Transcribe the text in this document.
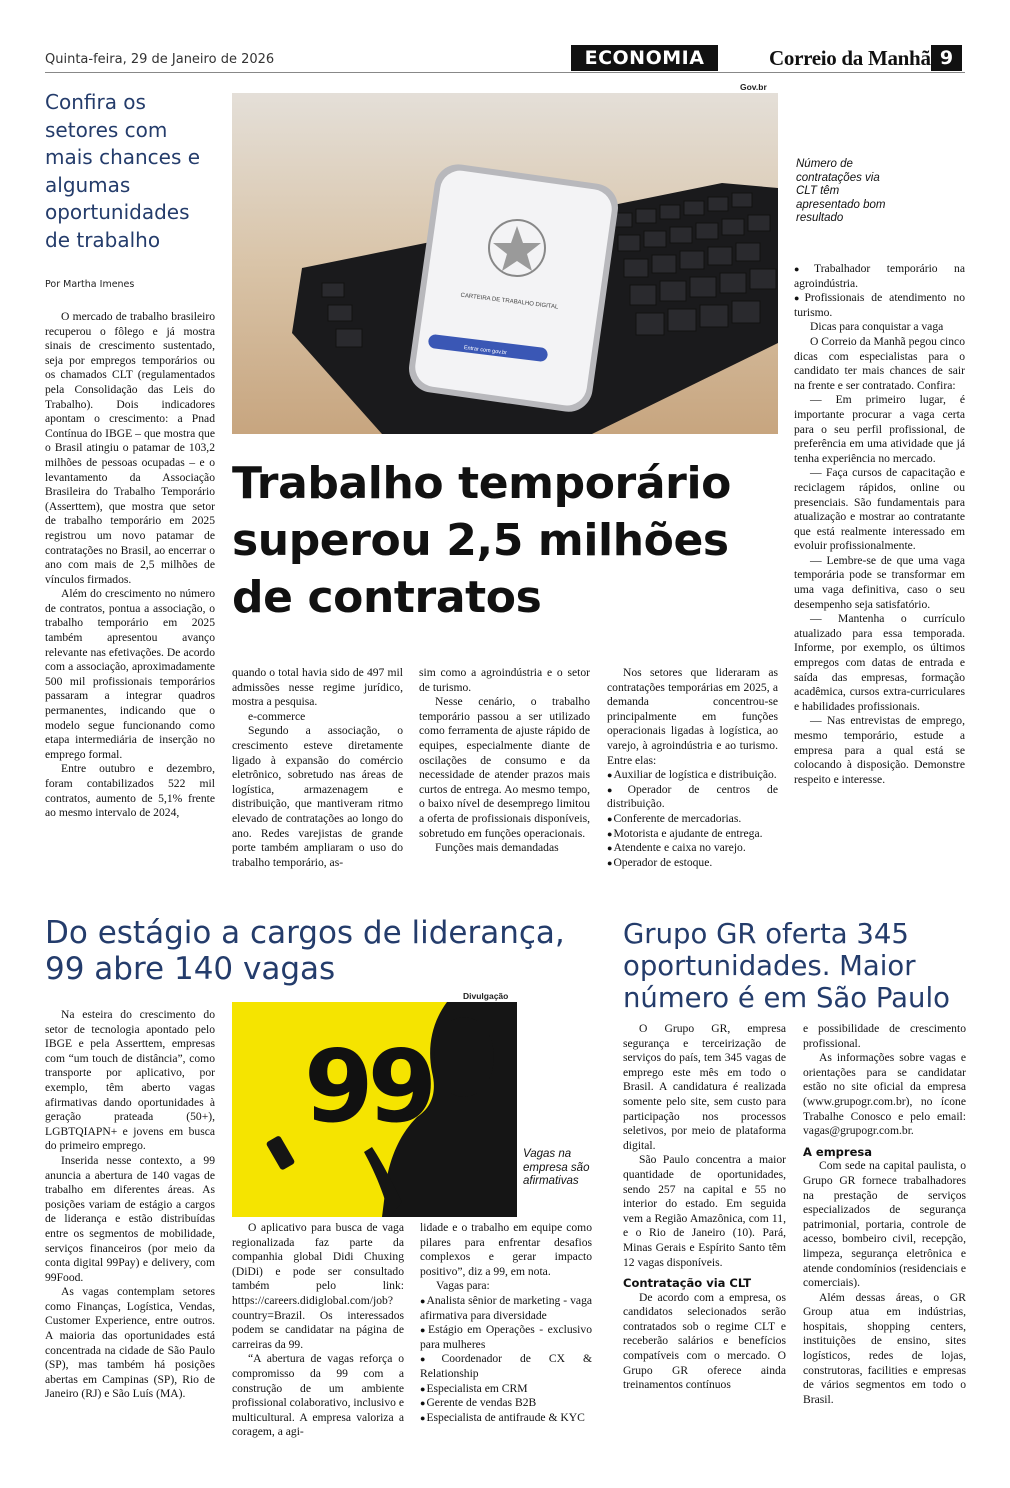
Quinta-feira, 29 de Janeiro de 2026	ECONOMIA	Correio da Manhã 9
Confira os setores com mais chances e algumas oportunidades de trabalho
Por Martha Imenes
Gov.br
CARTEIRA DE TRABALHO DIGITAL
Entrar com gov.br
Número de contratações via CLT têm apresentado bom resultado
Trabalho temporário superou 2,5 milhões de contratos

O mercado de trabalho brasileiro recuperou o fôlego e já mostra sinais de crescimento sustentado, seja por empregos temporários ou os chamados CLT (regulamentados pela Consolidação das Leis do Trabalho). Dois indicadores apontam o crescimento: a Pnad Contínua do IBGE – que mostra que o Brasil atingiu o patamar de 103,2 milhões de pessoas ocupadas – e o levantamento da Associação Brasileira do Trabalho Temporário (Asserttem), que mostra que setor de trabalho temporário em 2025 registrou um novo patamar de contratações no Brasil, ao encerrar o ano com mais de 2,5 milhões de vínculos firmados.

Além do crescimento no número de contratos, pontua a associação, o trabalho temporário em 2025 também apresentou avanço relevante nas efetivações. De acordo com a associação, aproximadamente 500 mil profissionais temporários passaram a integrar quadros permanentes, indicando que o modelo segue funcionando como etapa intermediária de inserção no emprego formal.

Entre outubro e dezembro, foram contabilizados 522 mil contratos, aumento de 5,1% frente ao mesmo intervalo de 2024,

quando o total havia sido de 497 mil admissões nesse regime jurídico, mostra a pesquisa.

e-commerce

Segundo a associação, o crescimento esteve diretamente ligado à expansão do comércio eletrônico, sobretudo nas áreas de logística, armazenagem e distribuição, que mantiveram ritmo elevado de contratações ao longo do ano. Redes varejistas de grande porte também ampliaram o uso do trabalho temporário, as-

sim como a agroindústria e o setor de turismo.

Nesse cenário, o trabalho temporário passou a ser utilizado como ferramenta de ajuste rápido de equipes, especialmente diante de oscilações de consumo e da necessidade de atender prazos mais curtos de entrega. Ao mesmo tempo, o baixo nível de desemprego limitou a oferta de profissionais disponíveis, sobretudo em funções operacionais.

Funções mais demandadas

Nos setores que lideraram as contratações temporárias em 2025, a demanda concentrou-se principalmente em funções operacionais ligadas à logística, ao varejo, à agroindústria e ao turismo. Entre elas:

● Auxiliar de logística e distribuição.

● Operador de centros de distribuição.

● Conferente de mercadorias.

● Motorista e ajudante de entrega.

● Atendente e caixa no varejo.

● Operador de estoque.

● Trabalhador temporário na agroindústria.

● Profissionais de atendimento no turismo.

Dicas para conquistar a vaga

O Correio da Manhã pegou cinco dicas com especialistas para o candidato ter mais chances de sair na frente e ser contratado. Confira:

— Em primeiro lugar, é importante procurar a vaga certa para o seu perfil profissional, de preferência em uma atividade que já tenha experiência no mercado.

— Faça cursos de capacitação e reciclagem rápidos, online ou presenciais. São fundamentais para atualização e mostrar ao contratante que está realmente interessado em evoluir profissionalmente.

— Lembre-se de que uma vaga temporária pode se transformar em uma vaga definitiva, caso o seu desempenho seja satisfatório.

— Mantenha o currículo atualizado para essa temporada. Informe, por exemplo, os últimos empregos com datas de entrada e saída das empresas, formação acadêmica, cursos extra-curriculares e habilidades profissionais.

— Nas entrevistas de emprego, mesmo temporário, estude a empresa para a qual está se colocando à disposição. Demonstre respeito e interesse.

Do estágio a cargos de liderança, 99 abre 140 vagas
Divulgação
99
Vagas na empresa são afirmativas

Na esteira do crescimento do setor de tecnologia apontado pelo IBGE e pela Asserttem, empresas com “um touch de distância”, como transporte por aplicativo, por exemplo, têm aberto vagas afirmativas dando oportunidades à geração prateada (50+), LGBTQIAPN+ e jovens em busca do primeiro emprego.

Inserida nesse contexto, a 99 anuncia a abertura de 140 vagas de trabalho em diferentes áreas. As posições variam de estágio a cargos de liderança e estão distribuídas entre os segmentos de mobilidade, serviços financeiros (por meio da conta digital 99Pay) e delivery, com 99Food.

As vagas contemplam setores como Finanças, Logística, Vendas, Customer Experience, entre outros. A maioria das oportunidades está concentrada na cidade de São Paulo (SP), mas também há posições abertas em Campinas (SP), Rio de Janeiro (RJ) e São Luís (MA).

O aplicativo para busca de vaga regionalizada faz parte da companhia global Didi Chuxing (DiDi) e pode ser consultado também pelo link: https://careers.didiglobal.com/job?country=Brazil. Os interessados podem se candidatar na página de carreiras da 99.

“A abertura de vagas reforça o compromisso da 99 com a construção de um ambiente profissional colaborativo, inclusivo e multicultural. A empresa valoriza a coragem, a agi-

lidade e o trabalho em equipe como pilares para enfrentar desafios complexos e gerar impacto positivo”, diz a 99, em nota.

Vagas para:

● Analista sênior de marketing - vaga afirmativa para diversidade

● Estágio em Operações - exclusivo para mulheres

● Coordenador de CX & Relationship

● Especialista em CRM

● Gerente de vendas B2B

● Especialista de antifraude & KYC

Grupo GR oferta 345 oportunidades. Maior número é em São Paulo

O Grupo GR, empresa segurança e terceirização de serviços do país, tem 345 vagas de emprego este mês em todo o Brasil. A candidatura é realizada somente pelo site, sem custo para participação nos processos seletivos, por meio de plataforma digital.

São Paulo concentra a maior quantidade de oportunidades, sendo 257 na capital e 55 no interior do estado. Em seguida vem a Região Amazônica, com 11, e o Rio de Janeiro (10). Pará, Minas Gerais e Espírito Santo têm 12 vagas disponíveis.

Contratação via CLT

De acordo com a empresa, os candidatos selecionados serão contratados sob o regime CLT e receberão salários e benefícios compatíveis com o mercado. O Grupo GR oferece ainda treinamentos contínuos

e possibilidade de crescimento profissional.

As informações sobre vagas e orientações para se candidatar estão no site oficial da empresa (www.grupogr.com.br), no ícone Trabalhe Conosco e pelo email: vagas@grupogr.com.br.

A empresa

Com sede na capital paulista, o Grupo GR fornece trabalhadores na prestação de serviços especializados de segurança patrimonial, portaria, controle de acesso, bombeiro civil, recepção, limpeza, segurança eletrônica e atende condomínios (residenciais e comerciais).

Além dessas áreas, o GR Group atua em indústrias, hospitais, shopping centers, instituições de ensino, sites logísticos, redes de lojas, construtoras, facilities e empresas de vários segmentos em todo o Brasil.
